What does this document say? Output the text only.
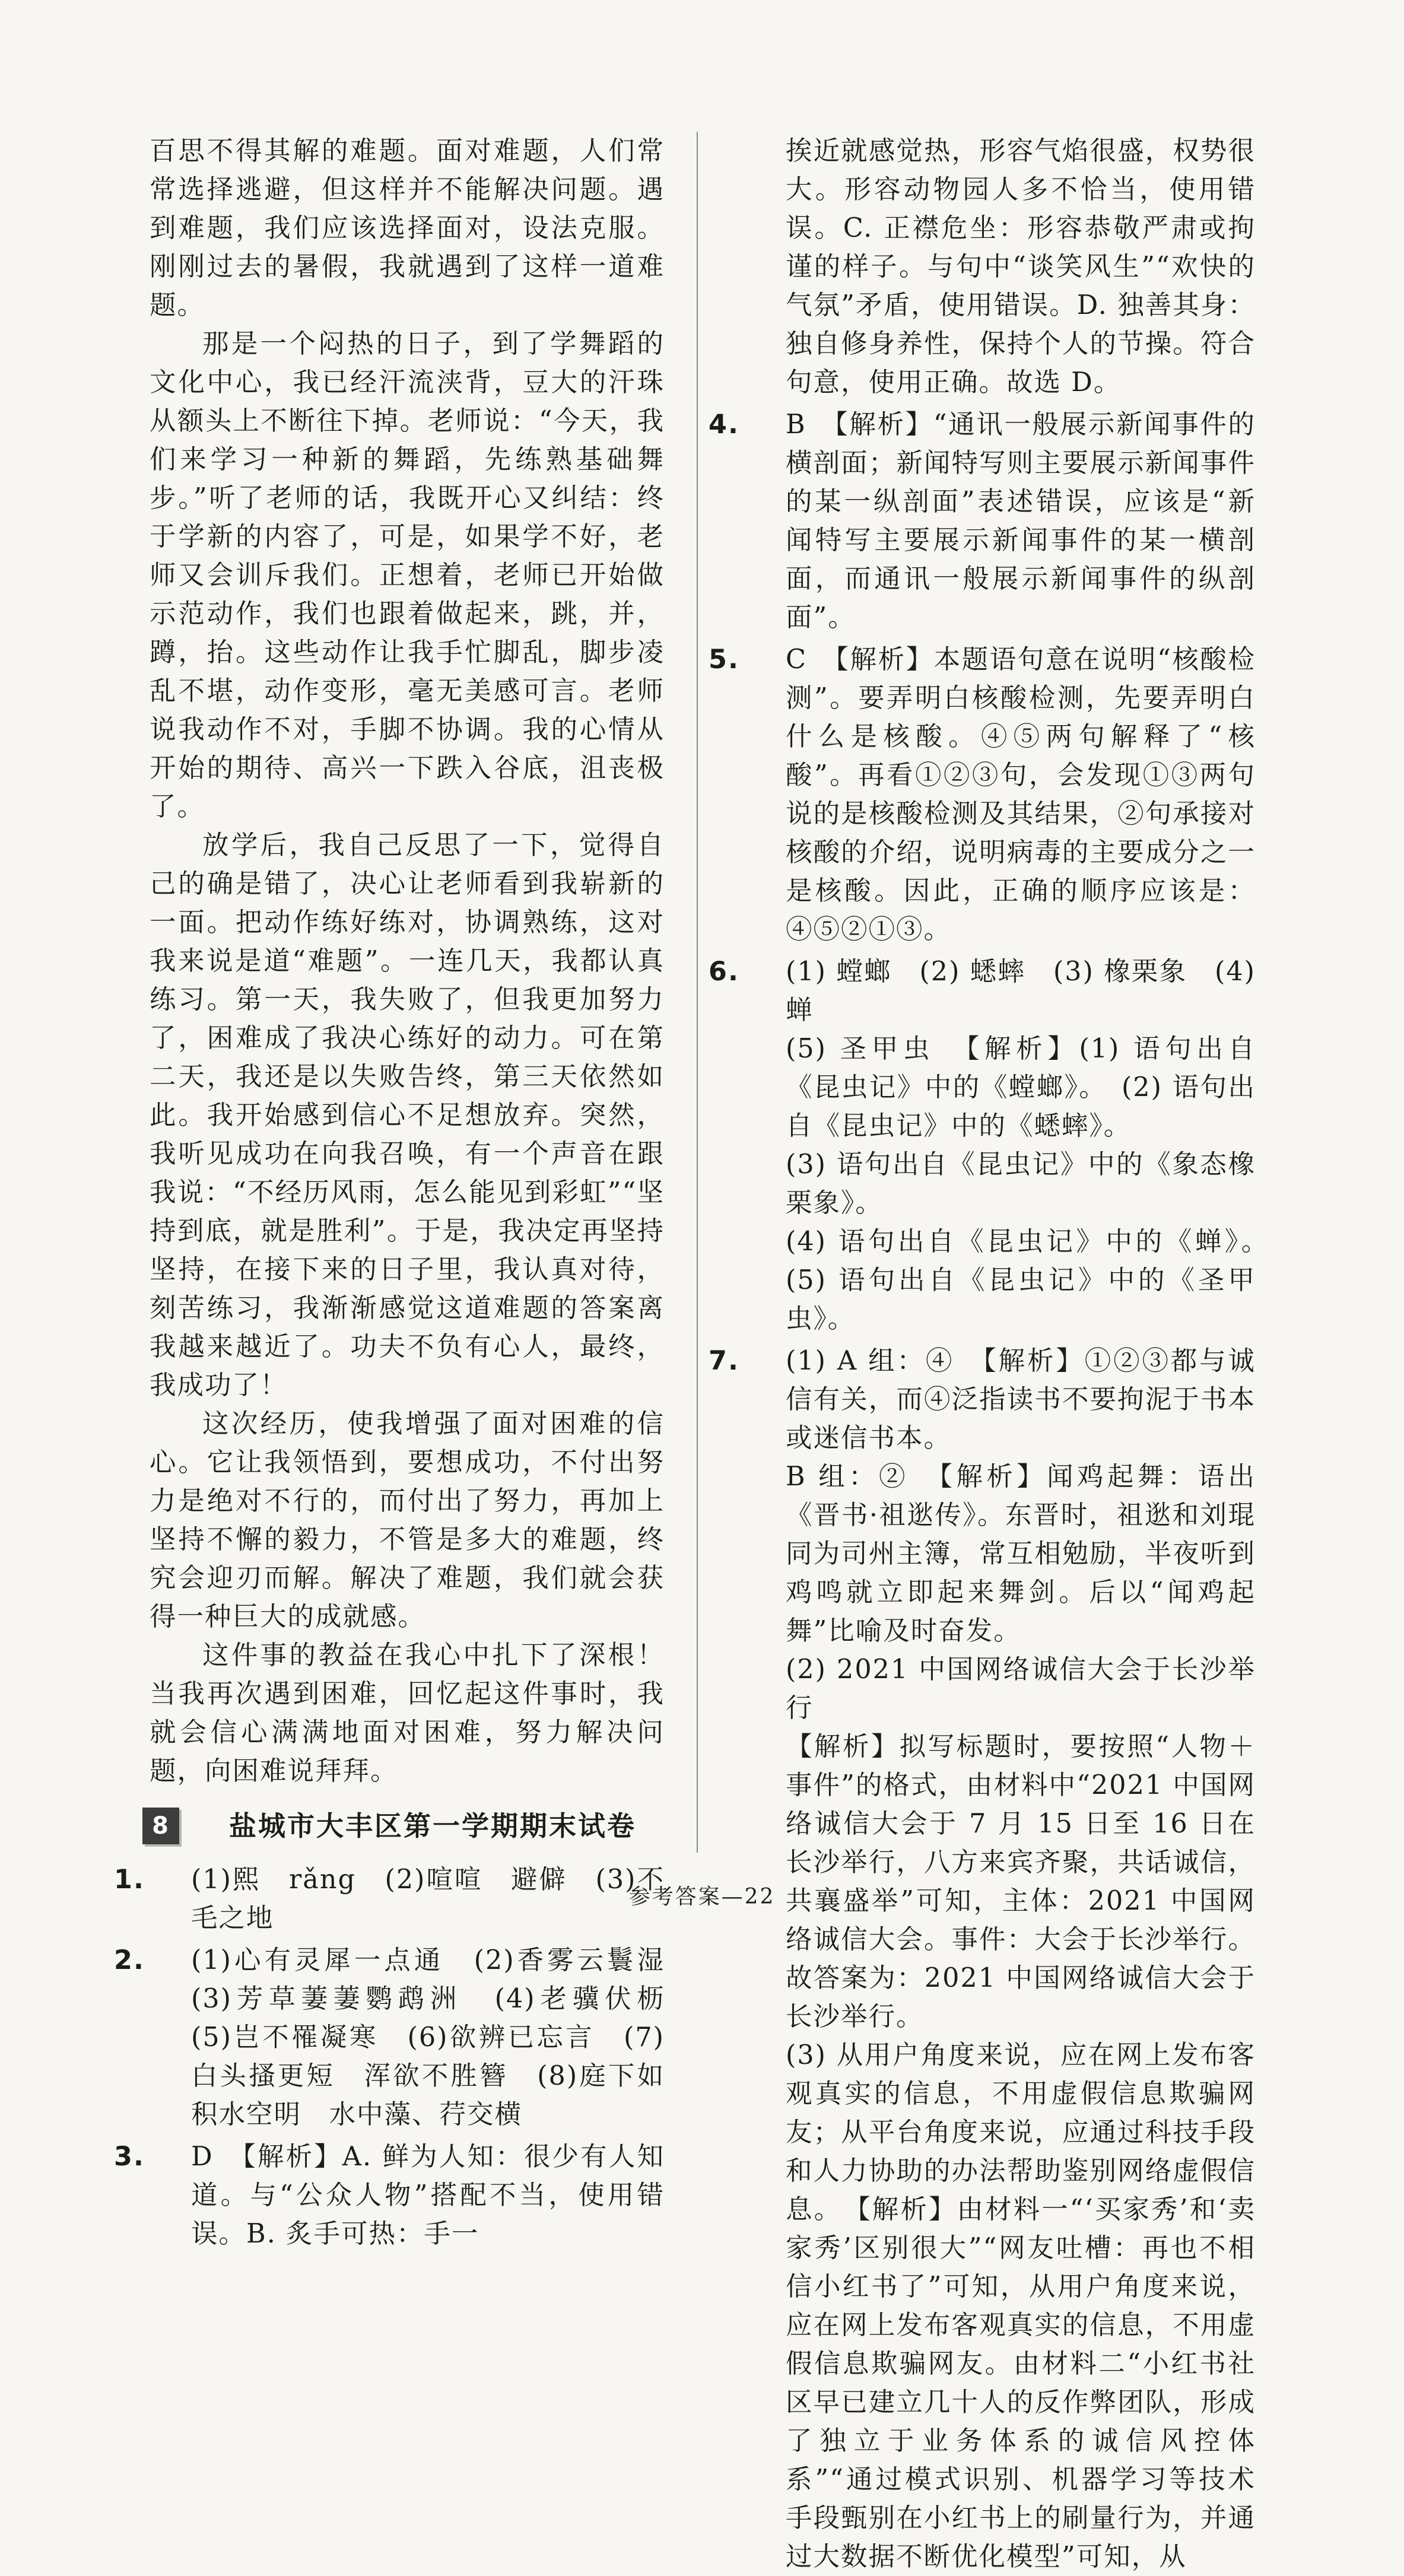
百思不得其解的难题。面对难题，人们常常选择逃避，但这样并不能解决问题。遇到难题，我们应该选择面对，设法克服。刚刚过去的暑假，我就遇到了这样一道难题。

那是一个闷热的日子，到了学舞蹈的文化中心，我已经汗流浃背，豆大的汗珠从额头上不断往下掉。老师说：“今天，我们来学习一种新的舞蹈，先练熟基础舞步。”听了老师的话，我既开心又纠结：终于学新的内容了，可是，如果学不好，老师又会训斥我们。正想着，老师已开始做示范动作，我们也跟着做起来，跳，并，蹲，抬。这些动作让我手忙脚乱，脚步凌乱不堪，动作变形，毫无美感可言。老师说我动作不对，手脚不协调。我的心情从开始的期待、高兴一下跌入谷底，沮丧极了。

放学后，我自己反思了一下，觉得自己的确是错了，决心让老师看到我崭新的一面。把动作练好练对，协调熟练，这对我来说是道“难题”。一连几天，我都认真练习。第一天，我失败了，但我更加努力了，困难成了我决心练好的动力。可在第二天，我还是以失败告终，第三天依然如此。我开始感到信心不足想放弃。突然，我听见成功在向我召唤，有一个声音在跟我说：“不经历风雨，怎么能见到彩虹”“坚持到底，就是胜利”。于是，我决定再坚持坚持，在接下来的日子里，我认真对待，刻苦练习，我渐渐感觉这道难题的答案离我越来越近了。功夫不负有心人，最终，我成功了！

这次经历，使我增强了面对困难的信心。它让我领悟到，要想成功，不付出努力是绝对不行的，而付出了努力，再加上坚持不懈的毅力，不管是多大的难题，终究会迎刃而解。解决了难题，我们就会获得一种巨大的成就感。

这件事的教益在我心中扎下了深根！当我再次遇到困难，回忆起这件事时，我就会信心满满地面对困难，努力解决问题，向困难说拜拜。

8	盐城市大丰区第一学期期末试卷
1.	(1)熙　rǎng　(2)喧喧　避僻　(3)不毛之地
2.	(1)心有灵犀一点通　(2)香雾云鬟湿　(3)芳草萋萋鹦鹉洲　(4)老骥伏枥　(5)岂不罹凝寒　(6)欲辨已忘言　(7)白头搔更短　浑欲不胜簪　(8)庭下如积水空明　水中藻、荇交横
3.	D　【解析】A. 鲜为人知：很少有人知道。与“公众人物”搭配不当，使用错误。B. 炙手可热：手一

挨近就感觉热，形容气焰很盛，权势很大。形容动物园人多不恰当，使用错误。C. 正襟危坐：形容恭敬严肃或拘谨的样子。与句中“谈笑风生”“欢快的气氛”矛盾，使用错误。D. 独善其身：独自修身养性，保持个人的节操。符合句意，使用正确。故选 D。

4.	B　【解析】“通讯一般展示新闻事件的横剖面；新闻特写则主要展示新闻事件的某一纵剖面”表述错误，应该是“新闻特写主要展示新闻事件的某一横剖面，而通讯一般展示新闻事件的纵剖面”。

5.	C　【解析】本题语句意在说明“核酸检测”。要弄明白核酸检测，先要弄明白什么是核酸。④⑤两句解释了“核酸”。再看①②③句，会发现①③两句说的是核酸检测及其结果，②句承接对核酸的介绍，说明病毒的主要成分之一是核酸。因此，正确的顺序应该是：④⑤②①③。

6.	(1) 螳螂　(2) 蟋蟀　(3) 橡栗象　(4) 蝉

(5) 圣甲虫　【解析】(1) 语句出自《昆虫记》中的《螳螂》。　(2) 语句出自《昆虫记》中的《蟋蟀》。

(3) 语句出自《昆虫记》中的《象态橡栗象》。

(4) 语句出自《昆虫记》中的《蝉》。　(5) 语句出自《昆虫记》中的《圣甲虫》。

7.	(1) A 组：④　【解析】①②③都与诚信有关，而④泛指读书不要拘泥于书本或迷信书本。

B 组：②　【解析】闻鸡起舞：语出《晋书·祖逖传》。东晋时，祖逖和刘琨同为司州主簿，常互相勉励，半夜听到鸡鸣就立即起来舞剑。后以“闻鸡起舞”比喻及时奋发。

(2) 2021 中国网络诚信大会于长沙举行

【解析】拟写标题时，要按照“人物＋事件”的格式，由材料中“2021 中国网络诚信大会于 7 月 15 日至 16 日在长沙举行，八方来宾齐聚，共话诚信，共襄盛举”可知，主体：2021 中国网络诚信大会。事件：大会于长沙举行。故答案为：2021 中国网络诚信大会于长沙举行。

(3) 从用户角度来说，应在网上发布客观真实的信息，不用虚假信息欺骗网友；从平台角度来说，应通过科技手段和人力协助的办法帮助鉴别网络虚假信息。　【解析】由材料一“‘买家秀’和‘卖家秀’区别很大”“网友吐槽：再也不相信小红书了”可知，从用户角度来说，应在网上发布客观真实的信息，不用虚假信息欺骗网友。由材料二“小红书社区早已建立几十人的反作弊团队，形成了独立于业务体系的诚信风控体系”“通过模式识别、机器学习等技术手段甄别在小红书上的刷量行为，并通过大数据不断优化模型”可知，从

参考答案—22
